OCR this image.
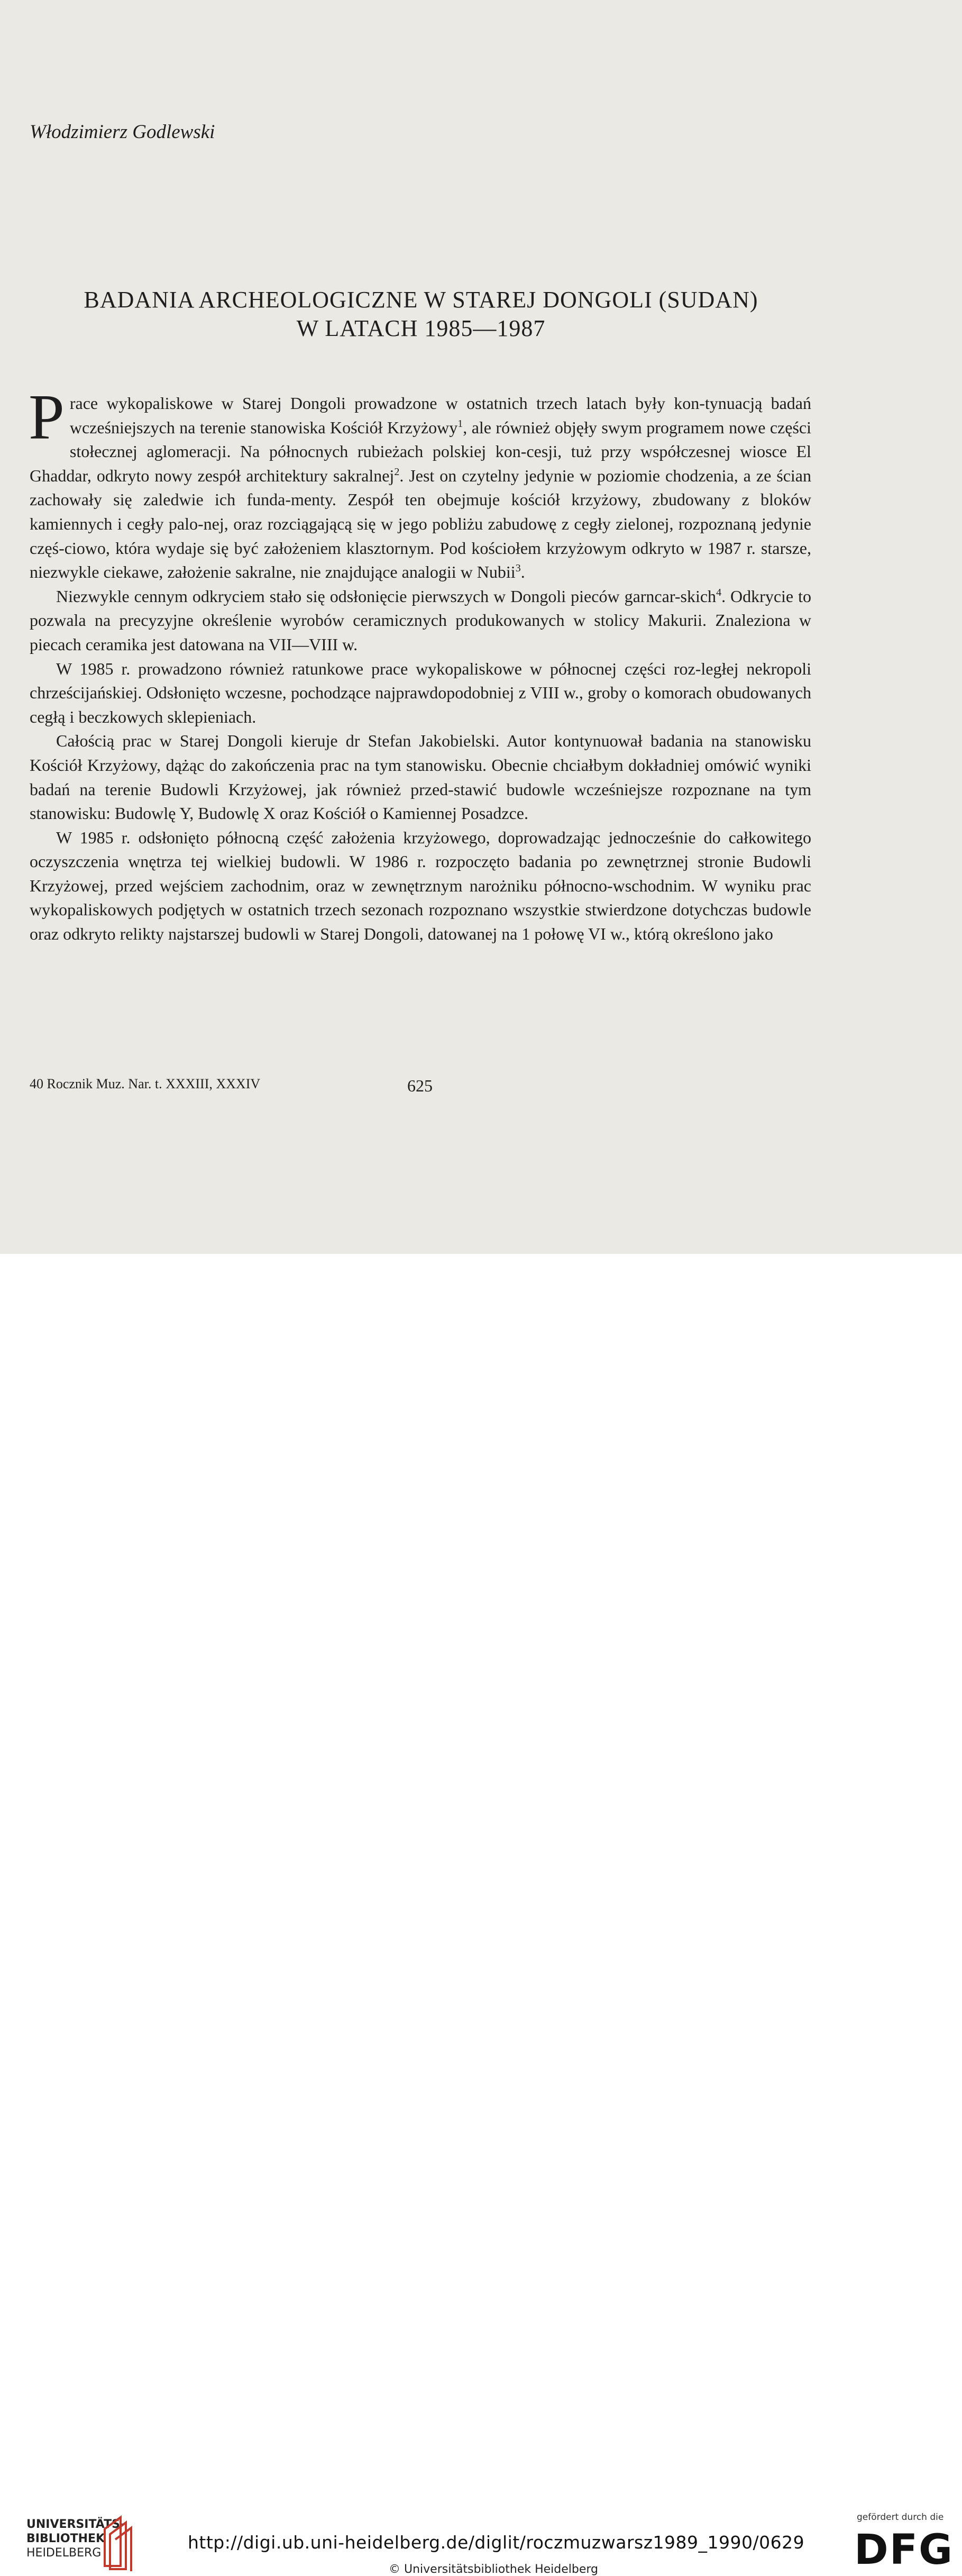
Włodzimierz Godlewski

BADANIA ARCHEOLOGICZNE W STAREJ DONGOLI (SUDAN)
W LATACH 1985—1987

Prace wykopaliskowe w Starej Dongoli prowadzone w ostatnich trzech latach były kon-tynuacją badań wcześniejszych na terenie stanowiska Kościół Krzyżowy$^1$, ale również objęły swym programem nowe części stołecznej aglomeracji. Na północnych rubieżach polskiej kon-cesji, tuż przy współczesnej wiosce El Ghaddar, odkryto nowy zespół architektury sakralnej$^2$. Jest on czytelny jedynie w poziomie chodzenia, a ze ścian zachowały się zaledwie ich funda-menty. Zespół ten obejmuje kościół krzyżowy, zbudowany z bloków kamiennych i cegły palo-nej, oraz rozciągającą się w jego pobliżu zabudowę z cegły zielonej, rozpoznaną jedynie częś-ciowo, która wydaje się być założeniem klasztornym. Pod kościołem krzyżowym odkryto w 1987 r. starsze, niezwykle ciekawe, założenie sakralne, nie znajdujące analogii w Nubii$^3$.

Niezwykle cennym odkryciem stało się odsłonięcie pierwszych w Dongoli pieców garncar-skich$^4$. Odkrycie to pozwala na precyzyjne określenie wyrobów ceramicznych produkowanych w stolicy Makurii. Znaleziona w piecach ceramika jest datowana na VII—VIII w.

W 1985 r. prowadzono również ratunkowe prace wykopaliskowe w północnej części roz-ległej nekropoli chrześcijańskiej. Odsłonięto wczesne, pochodzące najprawdopodobniej z VIII w., groby o komorach obudowanych cegłą i beczkowych sklepieniach.

Całością prac w Starej Dongoli kieruje dr Stefan Jakobielski. Autor kontynuował badania na stanowisku Kościół Krzyżowy, dążąc do zakończenia prac na tym stanowisku. Obecnie chciałbym dokładniej omówić wyniki badań na terenie Budowli Krzyżowej, jak również przed-stawić budowle wcześniejsze rozpoznane na tym stanowisku: Budowlę Y, Budowlę X oraz Kościół o Kamiennej Posadzce.

W 1985 r. odsłonięto północną część założenia krzyżowego, doprowadzając jednocześnie do całkowitego oczyszczenia wnętrza tej wielkiej budowli. W 1986 r. rozpoczęto badania po zewnętrznej stronie Budowli Krzyżowej, przed wejściem zachodnim, oraz w zewnętrznym narożniku północno-wschodnim. W wyniku prac wykopaliskowych podjętych w ostatnich trzech sezonach rozpoznano wszystkie stwierdzone dotychczas budowle oraz odkryto relikty najstarszej budowli w Starej Dongoli, datowanej na 1 połowę VI w., którą określono jako

40 Rocznik Muz. Nar. t. XXXIII, XXXIV	625

UNIVERSITÄTS-
BIBLIOTHEK
HEIDELBERG
http://digi.ub.uni-heidelberg.de/diglit/roczmuzwarsz1989_1990/0629
© Universitätsbibliothek Heidelberg
gefördert durch die
DFG
